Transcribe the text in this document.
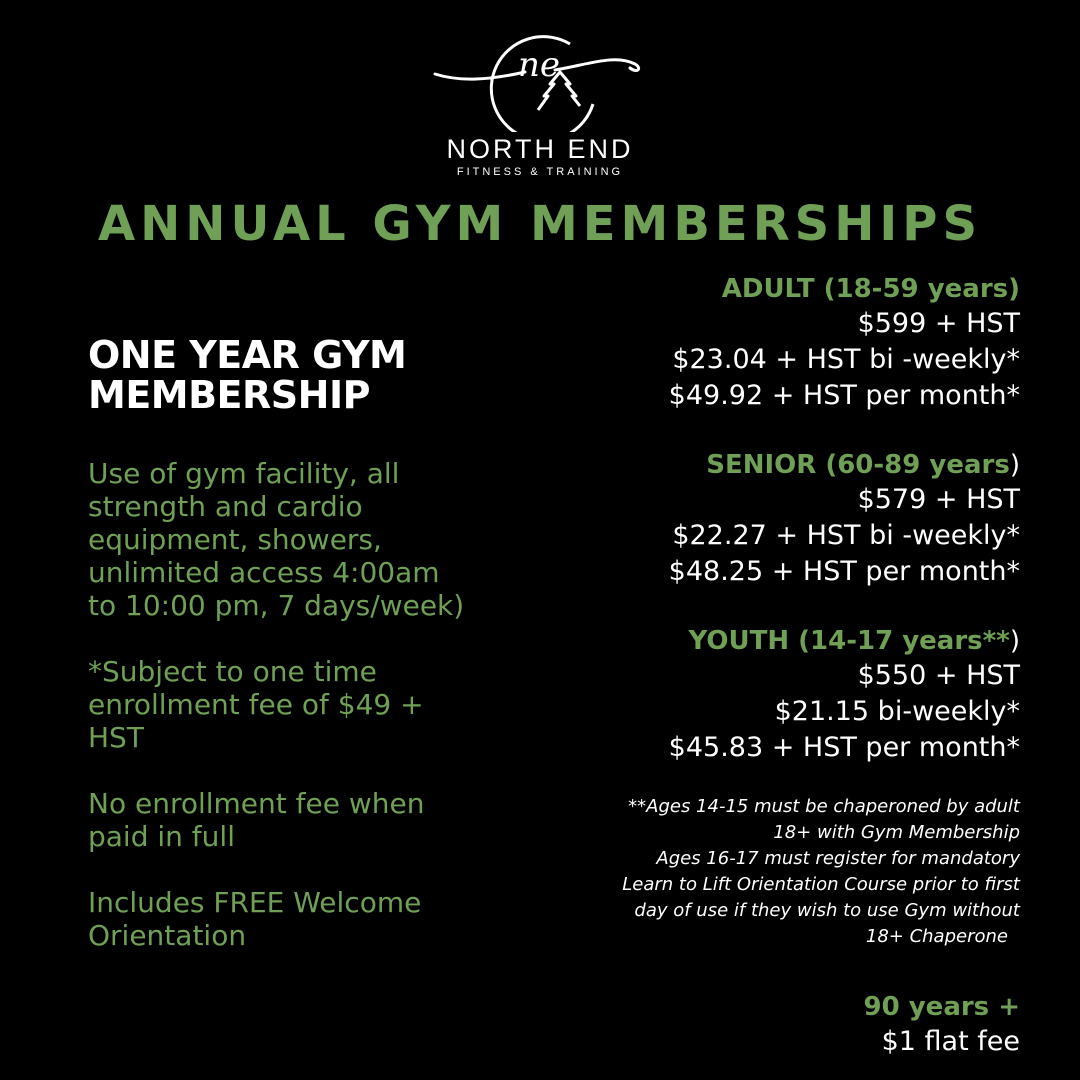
ne
NORTH END
FITNESS & TRAINING
ANNUAL GYM MEMBERSHIPS
ONE YEAR GYM
MEMBERSHIP

Use of gym facility, all
strength and cardio
equipment, showers,
unlimited access 4:00am
to 10:00 pm, 7 days/week)

*Subject to one time
enrollment fee of $49 +
HST

No enrollment fee when
paid in full

Includes FREE Welcome
Orientation

ADULT (18-59 years)
$599 + HST
$23.04 + HST bi -weekly*
$49.92 + HST per month*
SENIOR (60-89 years)
$579 + HST
$22.27 + HST bi -weekly*
$48.25 + HST per month*
YOUTH (14-17 years**)
$550 + HST
$21.15 bi-weekly*
$45.83 + HST per month*
**Ages 14-15 must be chaperoned by adult
18+ with Gym Membership
Ages 16-17 must register for mandatory
Learn to Lift Orientation Course prior to first
day of use if they wish to use Gym without
18+ Chaperone
90 years +
$1 flat fee
